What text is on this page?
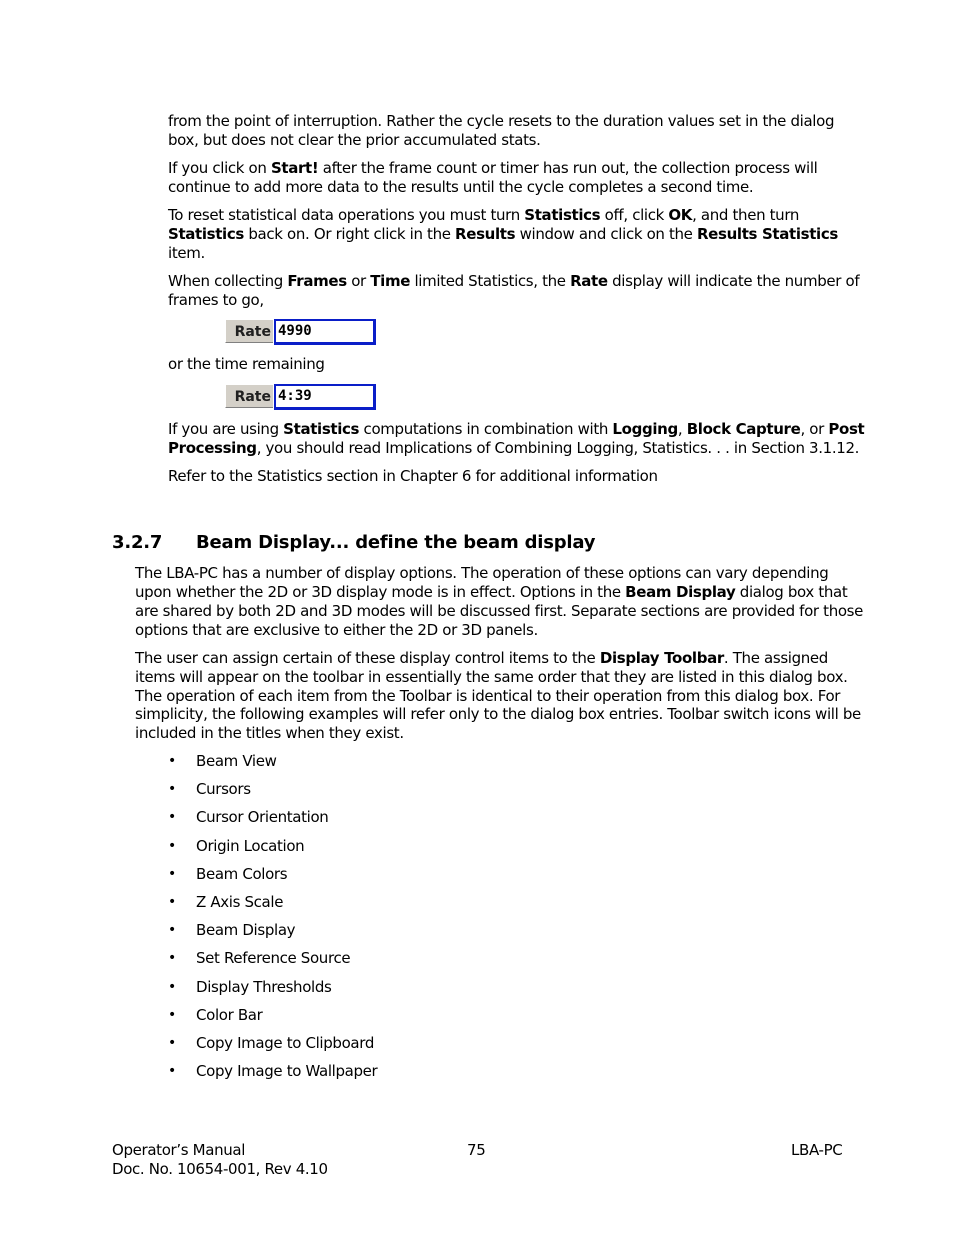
from the point of interruption. Rather the cycle resets to the duration values set in the dialog

box, but does not clear the prior accumulated stats.

If you click on Start! after the frame count or timer has run out, the collection process will

continue to add more data to the results until the cycle completes a second time.

To reset statistical data operations you must turn Statistics off, click OK, and then turn

Statistics back on. Or right click in the Results window and click on the Results Statistics

item.

When collecting Frames or Time limited Statistics, the Rate display will indicate the number of

frames to go,

Rate 4990

or the time remaining

Rate 4:39

If you are using Statistics computations in combination with Logging, Block Capture, or Post

Processing, you should read Implications of Combining Logging, Statistics. . . in Section 3.1.12.

Refer to the Statistics section in Chapter 6 for additional information

3.2.7 Beam Display... define the beam display

The LBA-PC has a number of display options. The operation of these options can vary depending

upon whether the 2D or 3D display mode is in effect. Options in the Beam Display dialog box that

are shared by both 2D and 3D modes will be discussed first. Separate sections are provided for those

options that are exclusive to either the 2D or 3D panels.

The user can assign certain of these display control items to the Display Toolbar. The assigned

items will appear on the toolbar in essentially the same order that they are listed in this dialog box.

The operation of each item from the Toolbar is identical to their operation from this dialog box. For

simplicity, the following examples will refer only to the dialog box entries. Toolbar switch icons will be

included in the titles when they exist.

•	Beam View
•	Cursors
•	Cursor Orientation
•	Origin Location
•	Beam Colors
•	Z Axis Scale
•	Beam Display
•	Set Reference Source
•	Display Thresholds
•	Color Bar
•	Copy Image to Clipboard
•	Copy Image to Wallpaper
Operator’s Manual
Doc. No. 10654-001, Rev 4.10
75	LBA-PC
